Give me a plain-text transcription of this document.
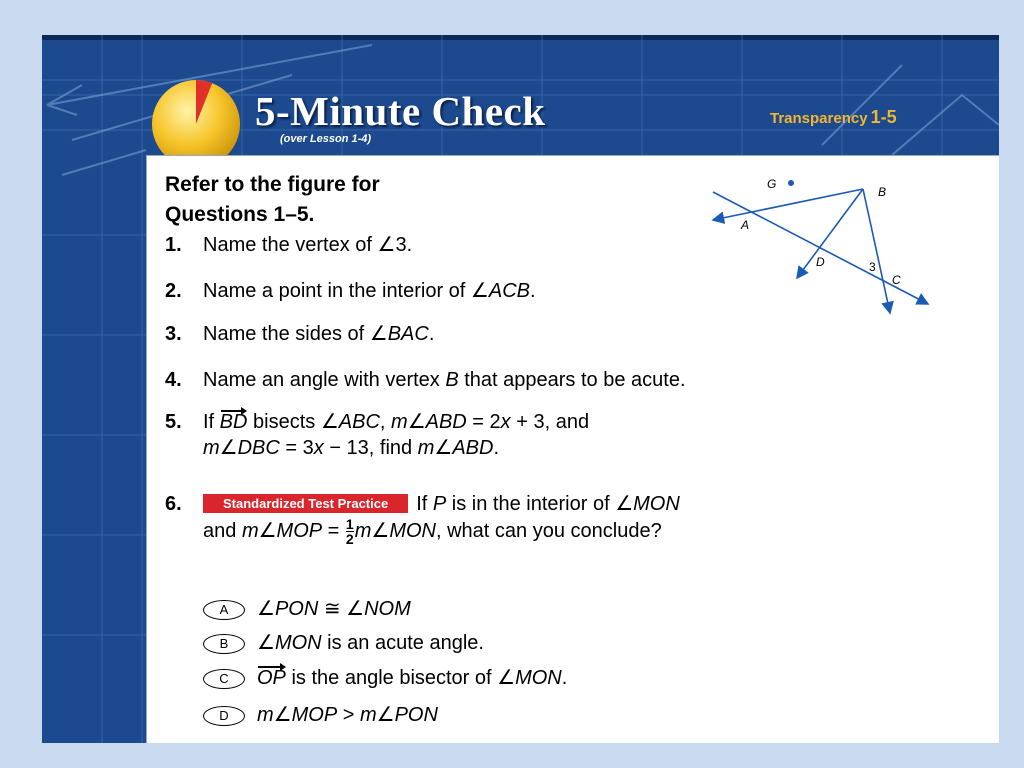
5-Minute Check
(over Lesson 1-4)
Transparency 1-5
Refer to the figure for
Questions 1–5.
1. Name the vertex of ∠3.
2. Name a point in the interior of ∠ACB.
3. Name the sides of ∠BAC.
4. Name an angle with vertex B that appears to be acute.
5. If BD bisects ∠ABC, m∠ABD = 2x + 3, and
m∠DBC = 3x − 13, find m∠ABD.
6.	Standardized Test Practice If P is in the interior of ∠MON
and m∠MOP = $\frac{1}{2}$ m∠MON, what can you conclude?
A ∠PON ≅ ∠NOM
B ∠MON is an acute angle.
C OP is the angle bisector of ∠MON.
D m∠MOP > m∠PON
G
B
A
D
C
3
